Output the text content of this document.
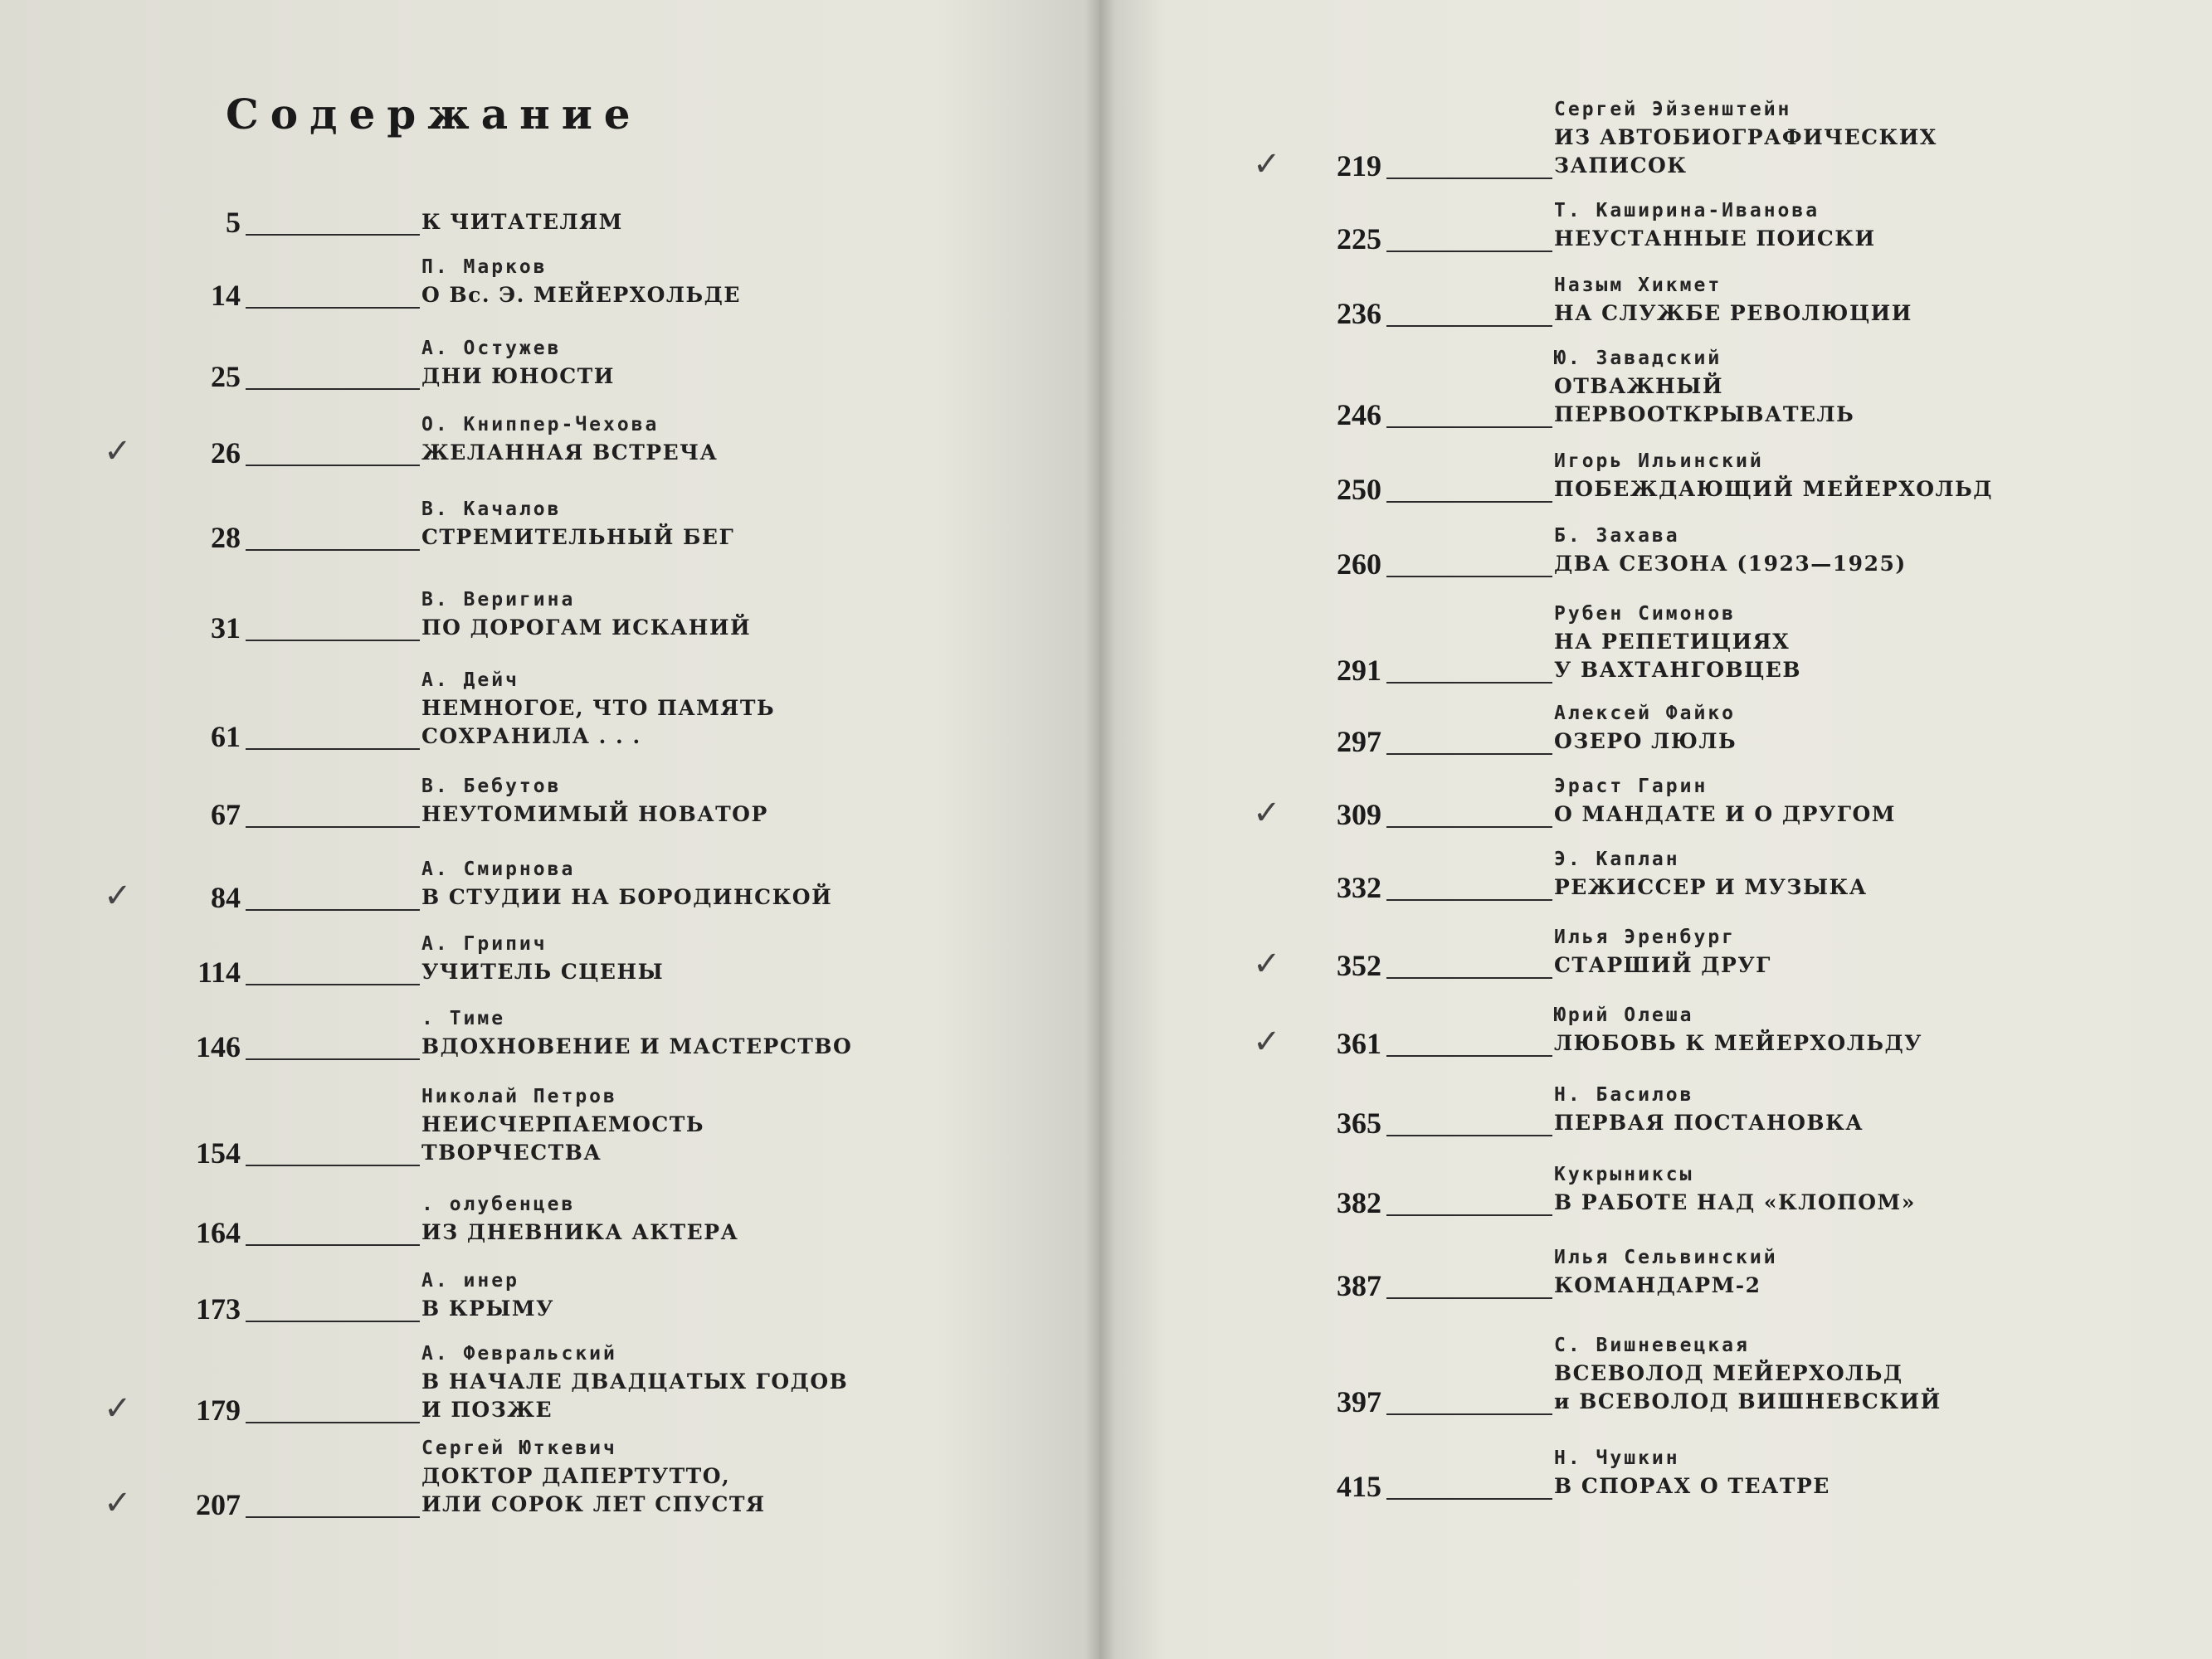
Содержание
5	К ЧИТАТЕЛЯМ
14
П. Марков
О Вс. Э. МЕЙЕРХОЛЬДЕ
25
А. Остужев
ДНИ ЮНОСТИ
26
О. Книппер-Чехова
ЖЕЛАННАЯ ВСТРЕЧА
✓
28
В. Качалов
СТРЕМИТЕЛЬНЫЙ БЕГ
31
В. Веригина
ПО ДОРОГАМ ИСКАНИЙ
61
А. Дейч
НЕМНОГОЕ, ЧТО ПАМЯТЬ
СОХРАНИЛА . . .
67
В. Бебутов
НЕУТОМИМЫЙ НОВАТОР
84
А. Смирнова
В СТУДИИ НА БОРОДИНСКОЙ
✓
114
А. Грипич
УЧИТЕЛЬ СЦЕНЫ
146
. Тиме
ВДОХНОВЕНИЕ И МАСТЕРСТВО
154
Николай Петров
НЕИСЧЕРПАЕМОСТЬ
ТВОРЧЕСТВА
164
. олубенцев
ИЗ ДНЕВНИКА АКТЕРА
173
А. инер
В КРЫМУ
179
А. Февральский
В НАЧАЛЕ ДВАДЦАТЫХ ГОДОВ
И ПОЗЖЕ
✓
207
Сергей Юткевич
ДОКТОР ДАПЕРТУТТО,
ИЛИ СОРОК ЛЕТ СПУСТЯ
✓
219
Сергей Эйзенштейн
ИЗ АВТОБИОГРАФИЧЕСКИХ
ЗАПИСОК
✓
225
Т. Каширина-Иванова
НЕУСТАННЫЕ ПОИСКИ
236
Назым Хикмет
НА СЛУЖБЕ РЕВОЛЮЦИИ
246
Ю. Завадский
ОТВАЖНЫЙ
ПЕРВООТКРЫВАТЕЛЬ
250
Игорь Ильинский
ПОБЕЖДАЮЩИЙ МЕЙЕРХОЛЬД
260
Б. Захава
ДВА СЕЗОНА (1923—1925)
291
Рубен Симонов
НА РЕПЕТИЦИЯХ
У ВАХТАНГОВЦЕВ
297
Алексей Файко
ОЗЕРО ЛЮЛЬ
309
Эраст Гарин
О МАНДАТЕ И О ДРУГОМ
✓
332
Э. Каплан
РЕЖИССЕР И МУЗЫКА
352
Илья Эренбург
СТАРШИЙ ДРУГ
✓
361
Юрий Олеша
ЛЮБОВЬ К МЕЙЕРХОЛЬДУ
✓
365
Н. Басилов
ПЕРВАЯ ПОСТАНОВКА
382
Кукрыниксы
В РАБОТЕ НАД «КЛОПОМ»
387
Илья Сельвинский
КОМАНДАРМ-2
397
С. Вишневецкая
ВСЕВОЛОД МЕЙЕРХОЛЬД
и ВСЕВОЛОД ВИШНЕВСКИЙ
415
Н. Чушкин
В СПОРАХ О ТЕАТРЕ
